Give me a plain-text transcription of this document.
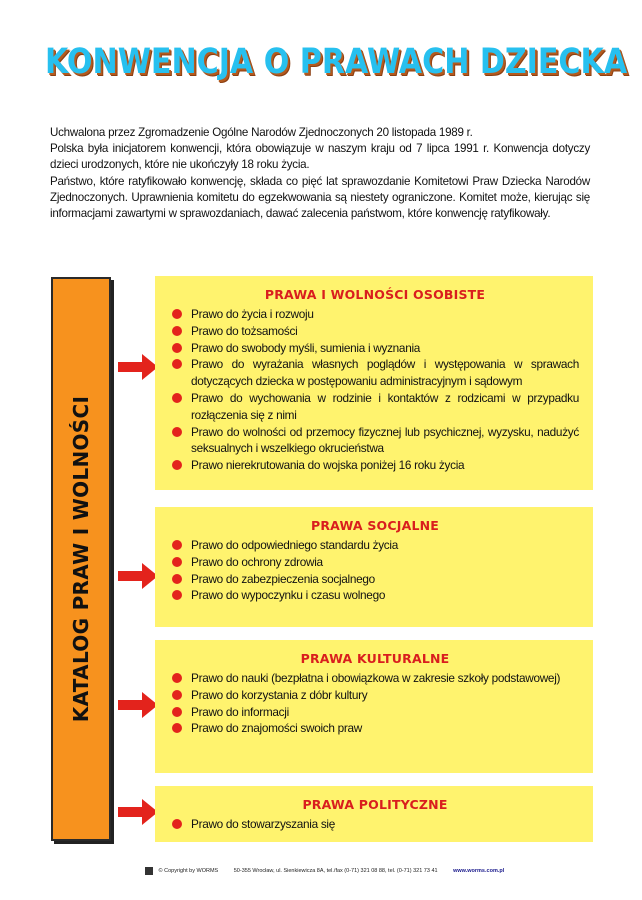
KONWENCJA O PRAWACH DZIECKA

Uchwalona przez Zgromadzenie Ogólne Narodów Zjednoczonych 20 listopada 1989 r.

Polska była inicjatorem konwencji, która obowiązuje w naszym kraju od 7 lipca 1991 r. Konwencja dotyczy dzieci urodzonych, które nie ukończyły 18 roku życia.

Państwo, które ratyfikowało konwencję, składa co pięć lat sprawozdanie Komitetowi Praw Dziecka Narodów Zjednoczonych. Uprawnienia komitetu do egzekwowania są niestety ograniczone. Komitet może, kierując się informacjami zawartymi w sprawozdaniach, dawać zalecenia państwom, które konwencję ratyfikowały.

KATALOG PRAW I WOLNOŚCI
PRAWA I WOLNOŚCI OSOBISTE
Prawo do życia i rozwoju
Prawo do tożsamości
Prawo do swobody myśli, sumienia i wyznania
Prawo do wyrażania własnych poglądów i występowania w sprawach dotyczących dziecka w postępowaniu administracyjnym i sądowym
Prawo do wychowania w rodzinie i kontaktów z rodzicami w przypadku rozłączenia się z nimi
Prawo do wolności od przemocy fizycznej lub psychicznej, wyzysku, nadużyć seksualnych i wszelkiego okrucieństwa
Prawo nierekrutowania do wojska poniżej 16 roku życia
PRAWA SOCJALNE
Prawo do odpowiedniego standardu życia
Prawo do ochrony zdrowia
Prawo do zabezpieczenia socjalnego
Prawo do wypoczynku i czasu wolnego
PRAWA KULTURALNE
Prawo do nauki (bezpłatna i obowiązkowa w zakresie szkoły podstawowej)
Prawo do korzystania z dóbr kultury
Prawo do informacji
Prawo do znajomości swoich praw
PRAWA POLITYCZNE
Prawo do stowarzyszania się
© Copyright by WORMS	50-355 Wrocław, ul. Sienkiewicza 8A, tel./fax (0-71) 321 08 88, tel. (0-71) 321 73 41	www.worms.com.pl
